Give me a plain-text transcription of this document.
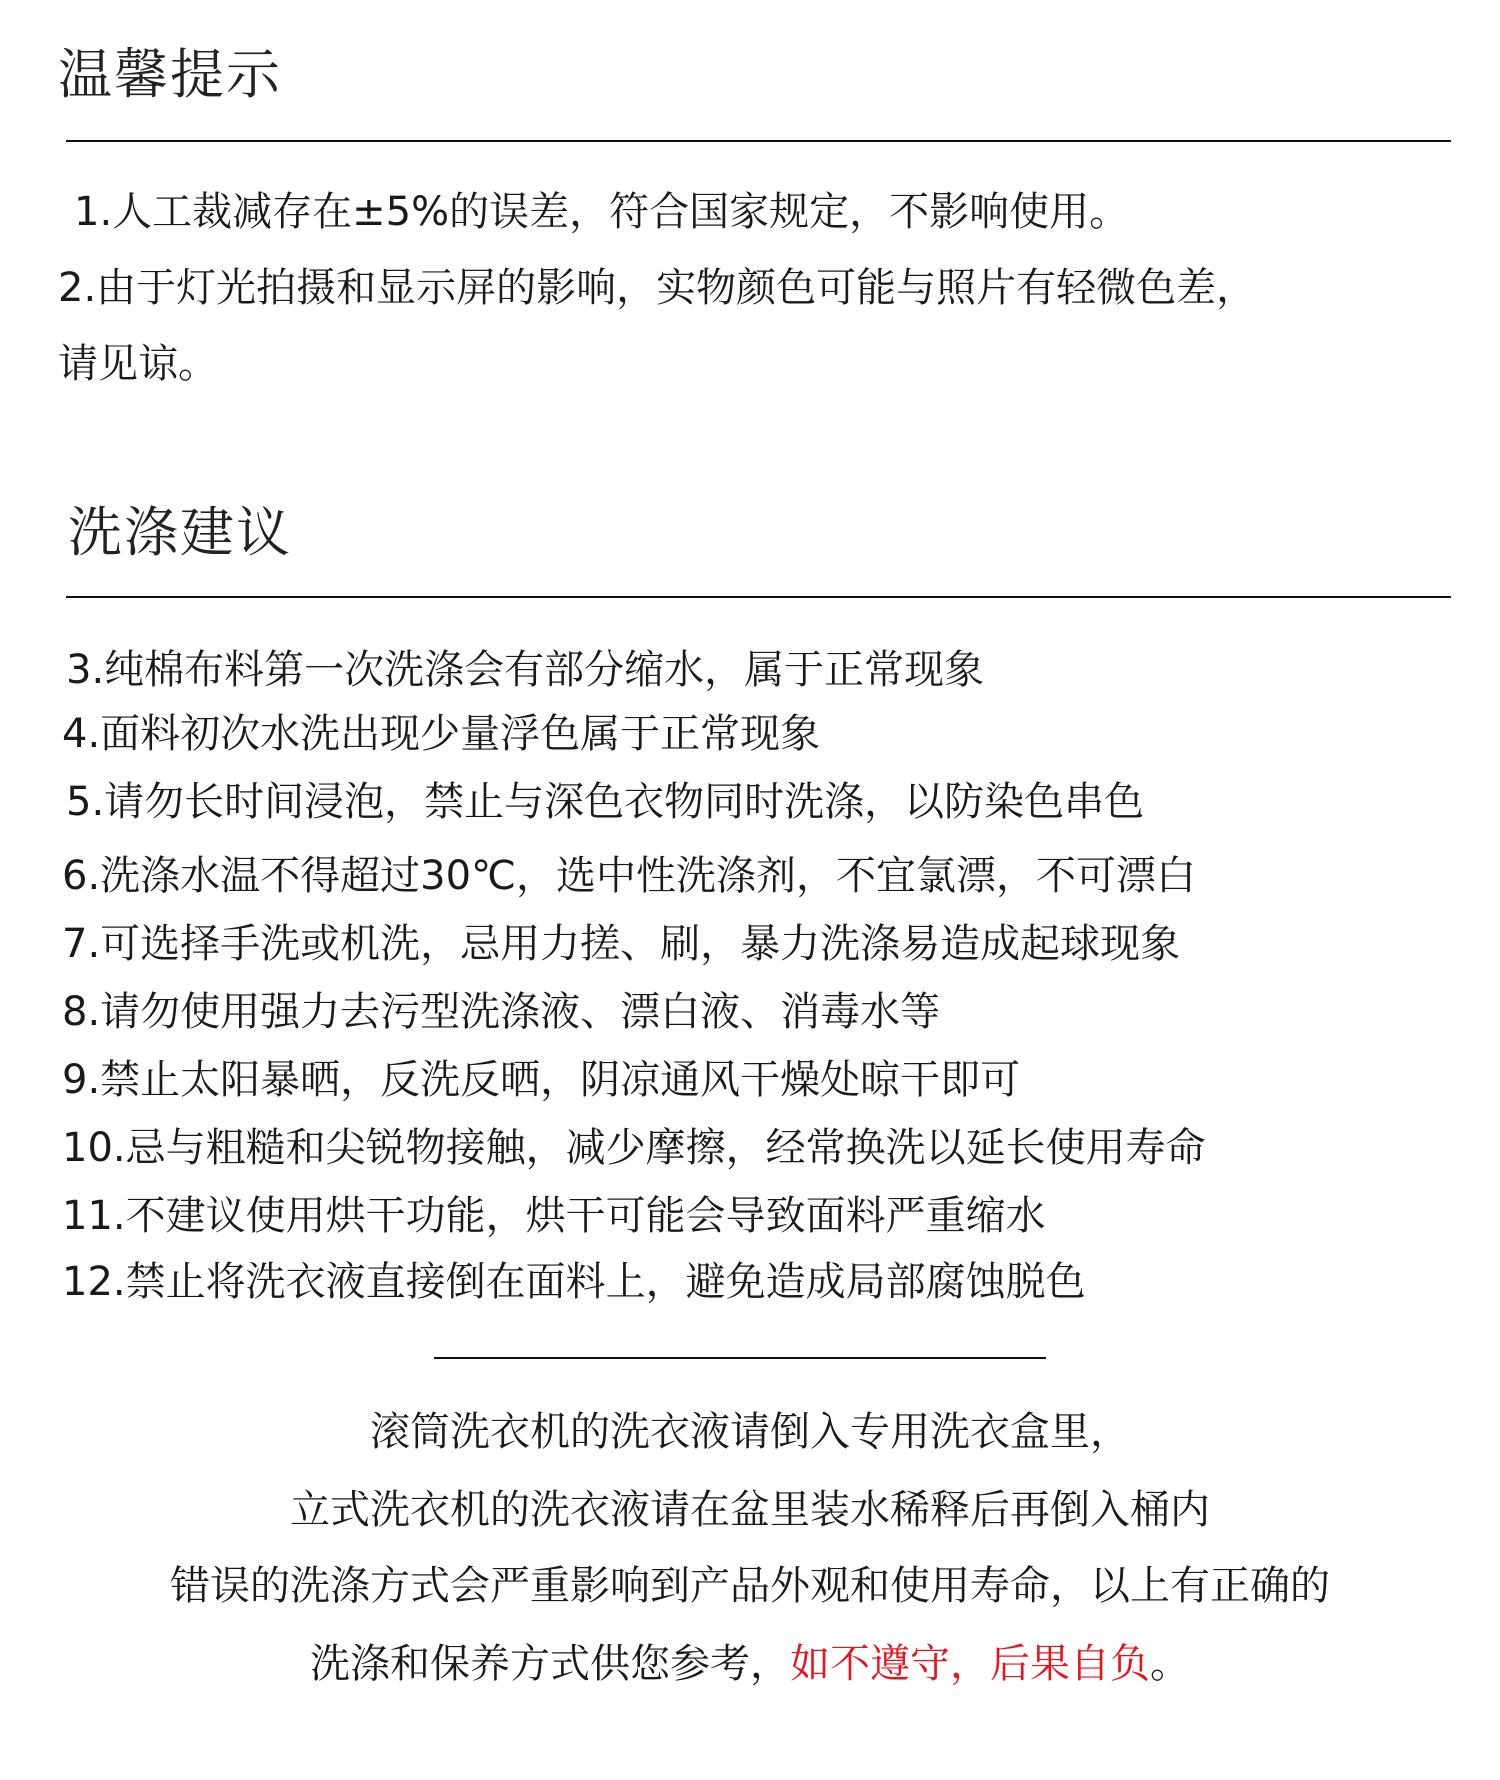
温馨提示

1.人工裁减存在±5%的误差，符合国家规定，不影响使用。

2.由于灯光拍摄和显示屏的影响，实物颜色可能与照片有轻微色差，

请见谅。

洗涤建议

3.纯棉布料第一次洗涤会有部分缩水，属于正常现象

4.面料初次水洗出现少量浮色属于正常现象

5.请勿长时间浸泡，禁止与深色衣物同时洗涤，以防染色串色

6.洗涤水温不得超过30℃，选中性洗涤剂，不宜氯漂，不可漂白

7.可选择手洗或机洗，忌用力搓、刷，暴力洗涤易造成起球现象

8.请勿使用强力去污型洗涤液、漂白液、消毒水等

9.禁止太阳暴晒，反洗反晒，阴凉通风干燥处晾干即可

10.忌与粗糙和尖锐物接触，减少摩擦，经常换洗以延长使用寿命

11.不建议使用烘干功能，烘干可能会导致面料严重缩水

12.禁止将洗衣液直接倒在面料上，避免造成局部腐蚀脱色

滚筒洗衣机的洗衣液请倒入专用洗衣盒里，

立式洗衣机的洗衣液请在盆里装水稀释后再倒入桶内

错误的洗涤方式会严重影响到产品外观和使用寿命，以上有正确的

洗涤和保养方式供您参考，如不遵守，后果自负。
